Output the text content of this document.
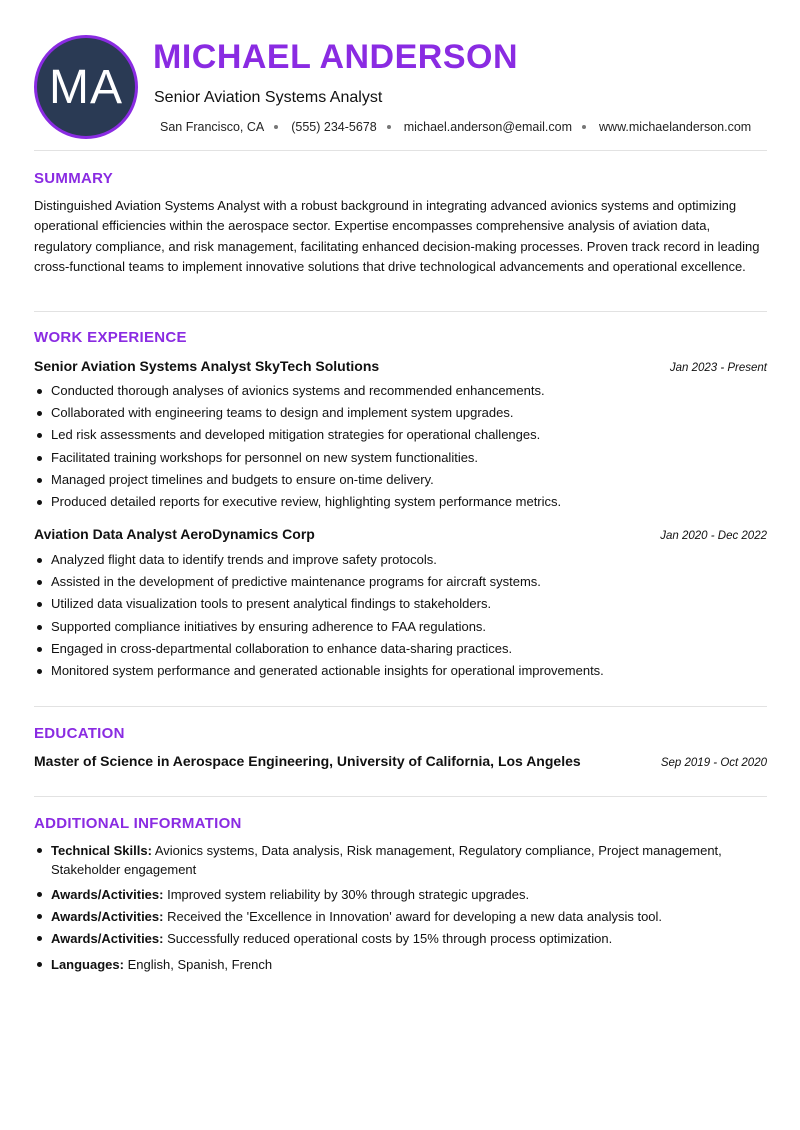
MA
MICHAEL ANDERSON
Senior Aviation Systems Analyst
San Francisco, CA (555) 234-5678 michael.anderson@email.com www.michaelanderson.com
SUMMARY

Distinguished Aviation Systems Analyst with a robust background in integrating advanced avionics systems and optimizing operational efficiencies within the aerospace sector. Expertise encompasses comprehensive analysis of aviation data, regulatory compliance, and risk management, facilitating enhanced decision-making processes. Proven track record in leading cross-functional teams to implement innovative solutions that drive technological advancements and operational excellence.

WORK EXPERIENCE
Senior Aviation Systems Analyst SkyTech Solutions	Jan 2023 - Present
Conducted thorough analyses of avionics systems and recommended enhancements.
Collaborated with engineering teams to design and implement system upgrades.
Led risk assessments and developed mitigation strategies for operational challenges.
Facilitated training workshops for personnel on new system functionalities.
Managed project timelines and budgets to ensure on-time delivery.
Produced detailed reports for executive review, highlighting system performance metrics.
Aviation Data Analyst AeroDynamics Corp	Jan 2020 - Dec 2022
Analyzed flight data to identify trends and improve safety protocols.
Assisted in the development of predictive maintenance programs for aircraft systems.
Utilized data visualization tools to present analytical findings to stakeholders.
Supported compliance initiatives by ensuring adherence to FAA regulations.
Engaged in cross-departmental collaboration to enhance data-sharing practices.
Monitored system performance and generated actionable insights for operational improvements.
EDUCATION
Master of Science in Aerospace Engineering, University of California, Los Angeles	Sep 2019 - Oct 2020
ADDITIONAL INFORMATION
Technical Skills: Avionics systems, Data analysis, Risk management, Regulatory compliance, Project management, Stakeholder engagement
Awards/Activities: Improved system reliability by 30% through strategic upgrades.
Awards/Activities: Received the 'Excellence in Innovation' award for developing a new data analysis tool.
Awards/Activities: Successfully reduced operational costs by 15% through process optimization.
Languages: English, Spanish, French
